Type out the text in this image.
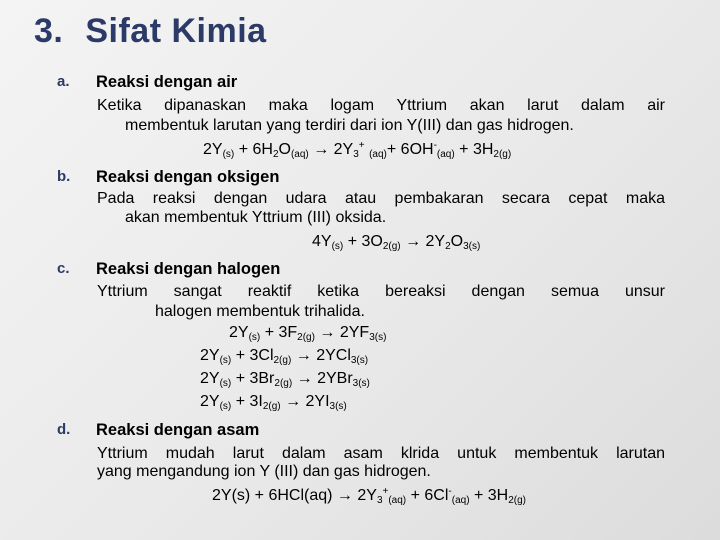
3. Sifat Kimia
a. Reaksi dengan air
Ketika dipanaskan maka logam Yttrium akan larut dalam air
membentuk larutan yang terdiri dari ion Y(III) dan gas hidrogen.
$2Y_{(s)} + 6H_2O_{(aq)} \to 2Y_3^+$ $_{(aq)}+ 6OH^-_{(aq)} + 3H_{2(g)}$
b. Reaksi dengan oksigen
Pada reaksi dengan udara atau pembakaran secara cepat maka
akan membentuk Yttrium (III) oksida.
$4Y_{(s)} + 3O_{2(g)} \to 2Y_2O_{3(s)}$
c. Reaksi dengan halogen
Yttrium sangat reaktif ketika bereaksi dengan semua unsur
halogen membentuk trihalida.
$2Y_{(s)} + 3F_{2(g)} \to 2YF_{3(s)}$
$2Y_{(s)} + 3Cl_{2(g)} \to 2YCl_{3(s)}$
$2Y_{(s)} + 3Br_{2(g)} \to 2YBr_{3(s)}$
$2Y_{(s)} + 3I_{2(g)} \to 2YI_{3(s)}$
d. Reaksi dengan asam
Yttrium mudah larut dalam asam klrida untuk membentuk larutan
yang mengandung ion Y (III) dan gas hidrogen.
$2Y(s) + 6HCl(aq) \to 2Y_3^+_{(aq)} + 6Cl^-_{(aq)} + 3H_{2(g)}$
